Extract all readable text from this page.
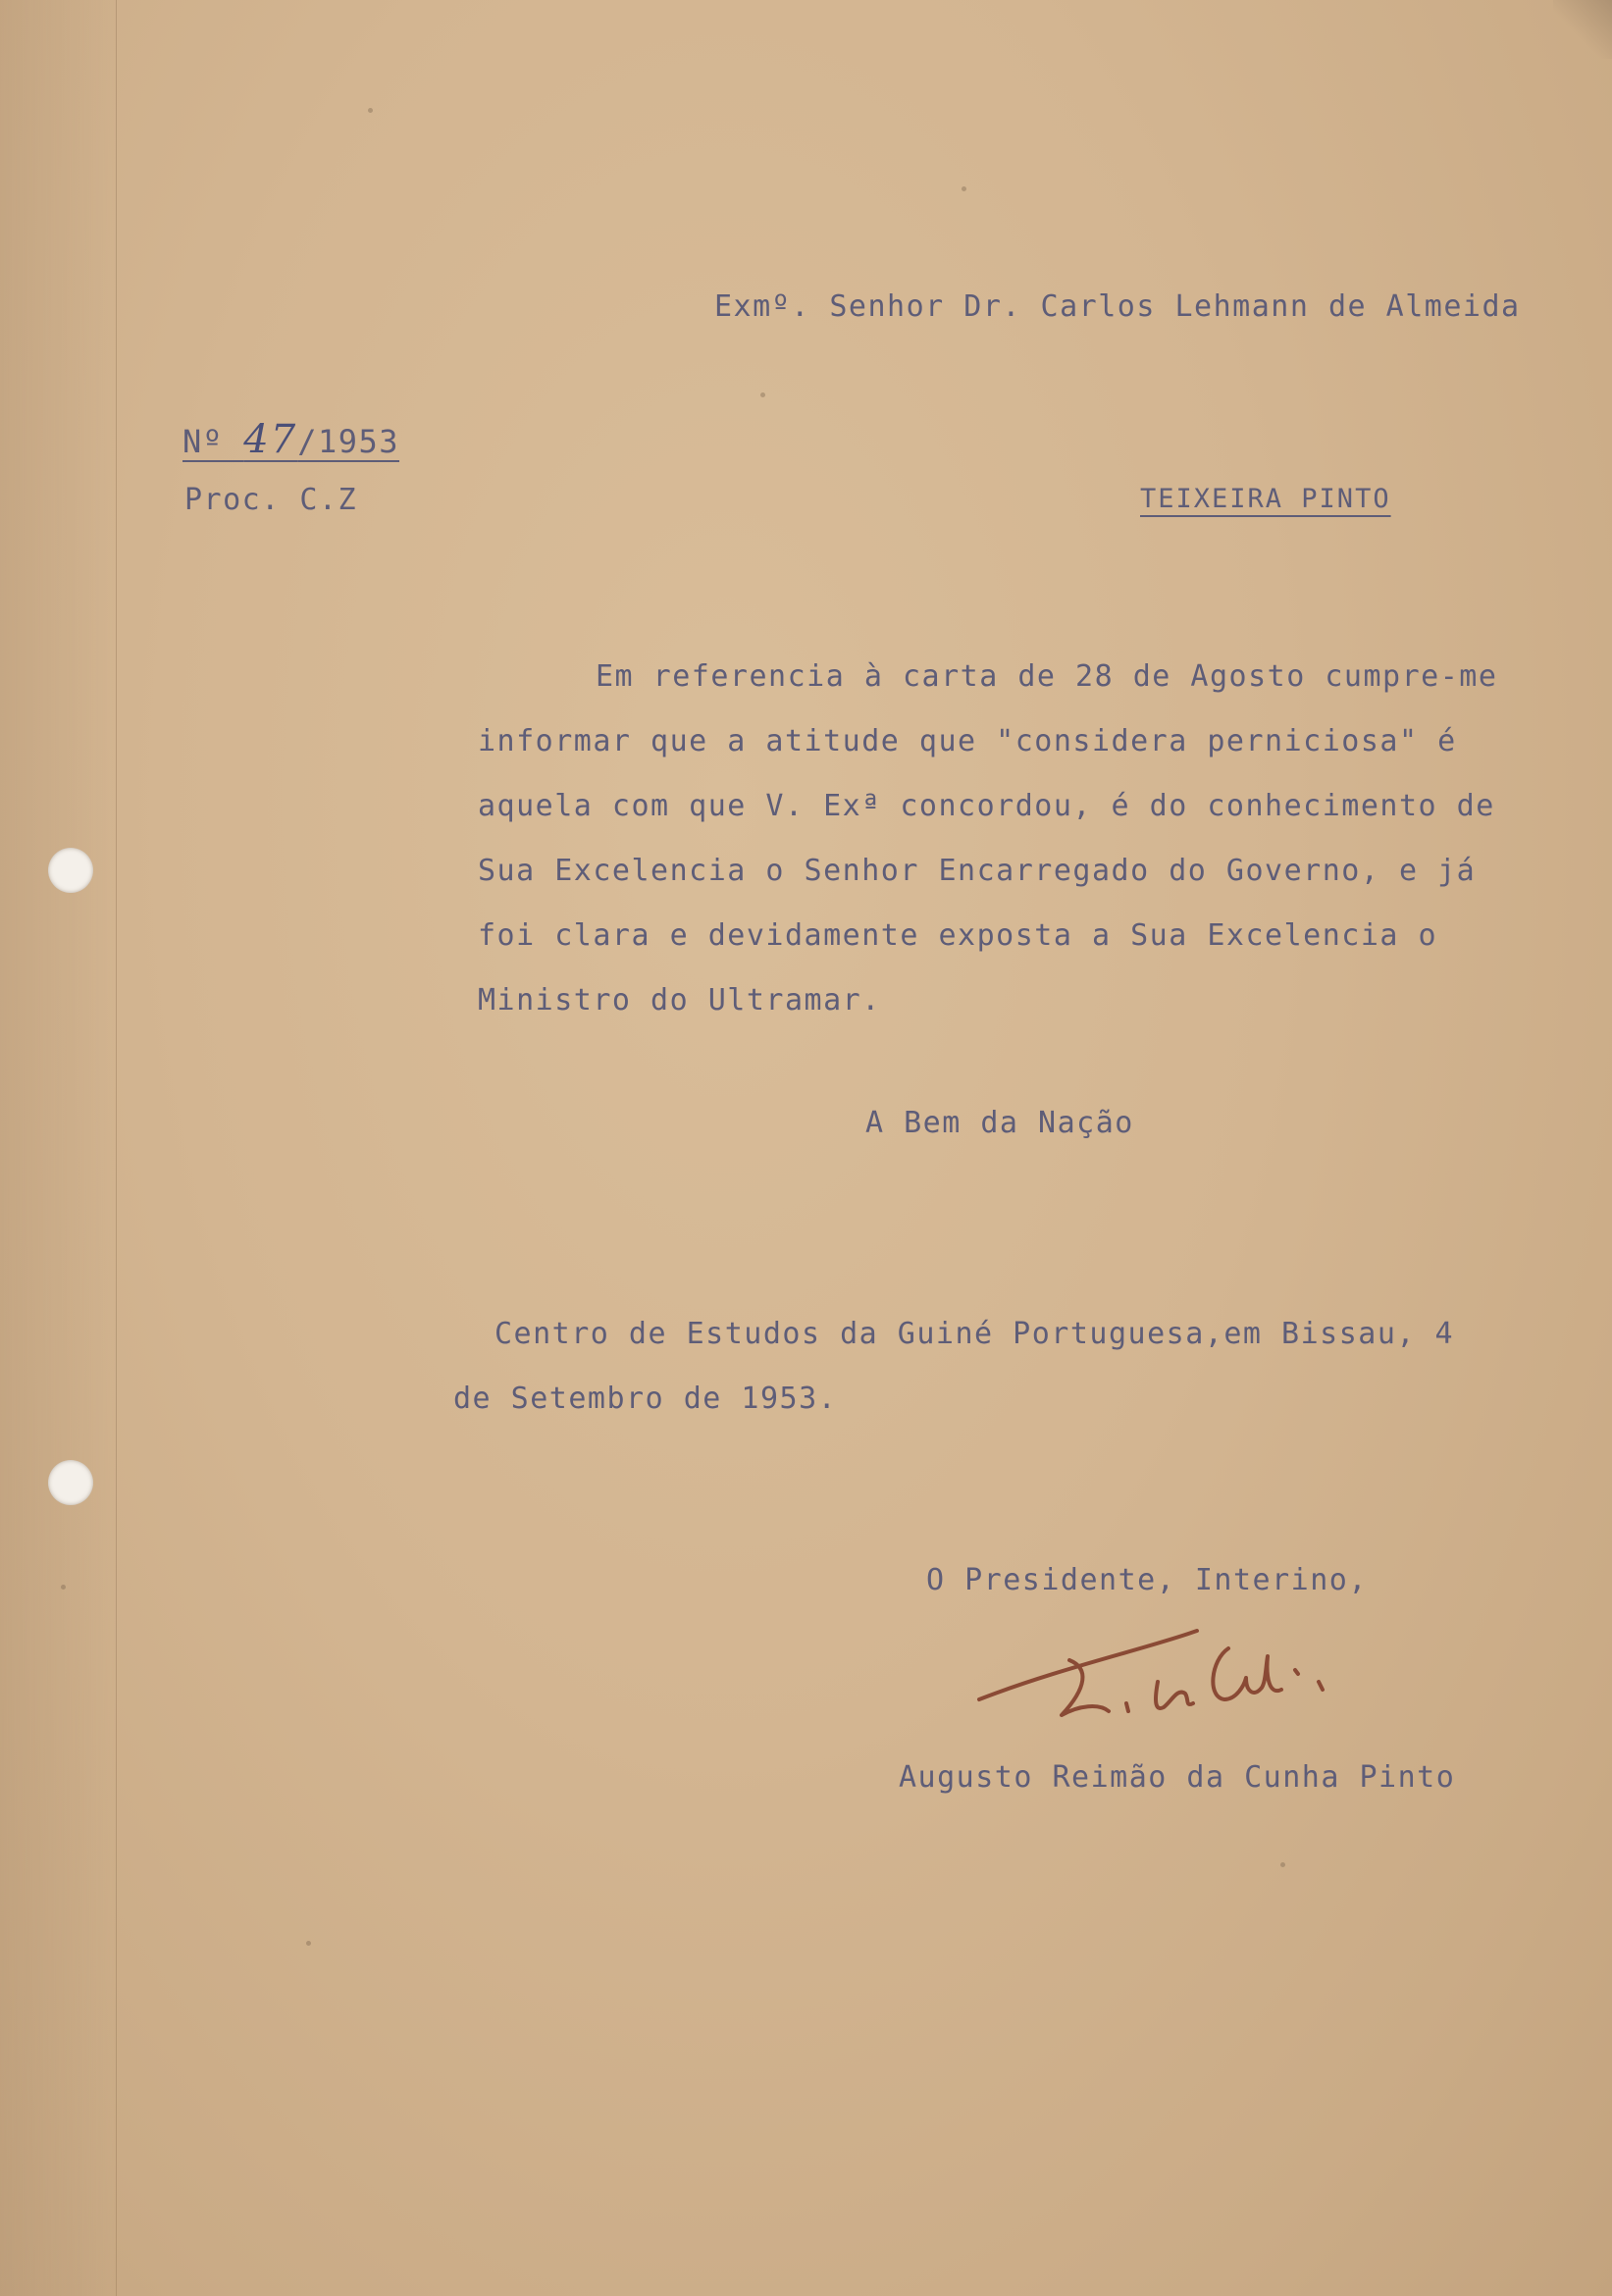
Exmº. Senhor Dr. Carlos Lehmann de Almeida

Nº 47/1953

Proc. C.Z	TEIXEIRA PINTO

Em referencia à carta de 28 de Agosto cumpre-me informar que a atitude que "considera perniciosa" é aquela com que V. Exª concordou, é do conhecimento de Sua Excelencia o Senhor Encarregado do Governo, e já foi clara e devidamente exposta a Sua Excelencia o Ministro do Ultramar.

A Bem da Nação

Centro de Estudos da Guiné Portuguesa,em Bissau, 4 de Setembro de 1953.

O Presidente, Interino,

Augusto Reimão da Cunha Pinto
